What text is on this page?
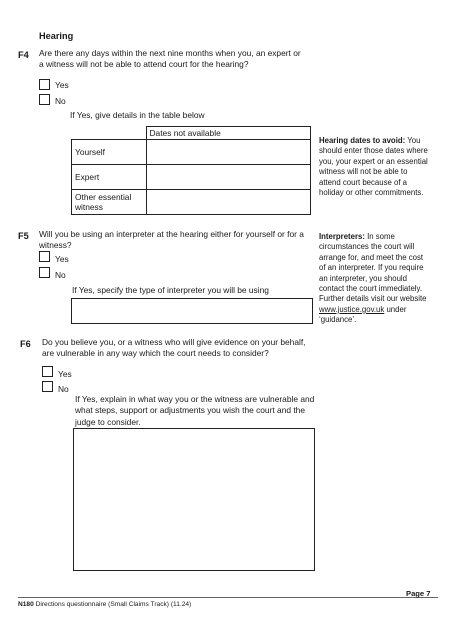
Hearing
F4 Are there any days within the next nine months when you, an expert or a witness will not be able to attend court for the hearing?
Yes
No
If Yes, give details in the table below
	Dates not available
Yourself	
Expert	
Other essential witness	
Hearing dates to avoid: You should enter those dates where you, your expert or an essential witness will not be able to attend court because of a holiday or other commitments.
F5 Will you be using an interpreter at the hearing either for yourself or for a witness?
Yes
No
If Yes, specify the type of interpreter you will be using
Interpreters: In some circumstances the court will arrange for, and meet the cost of an interpreter. If you require an interpreter, you should contact the court immediately. Further details visit our website www.justice.gov.uk under ‘guidance’.
F6 Do you believe you, or a witness who will give evidence on your behalf, are vulnerable in any way which the court needs to consider?
Yes
No
If Yes, explain in what way you or the witness are vulnerable and what steps, support or adjustments you wish the court and the judge to consider.
N180 Directions questionnaire (Small Claims Track) (11.24)
Page 7
